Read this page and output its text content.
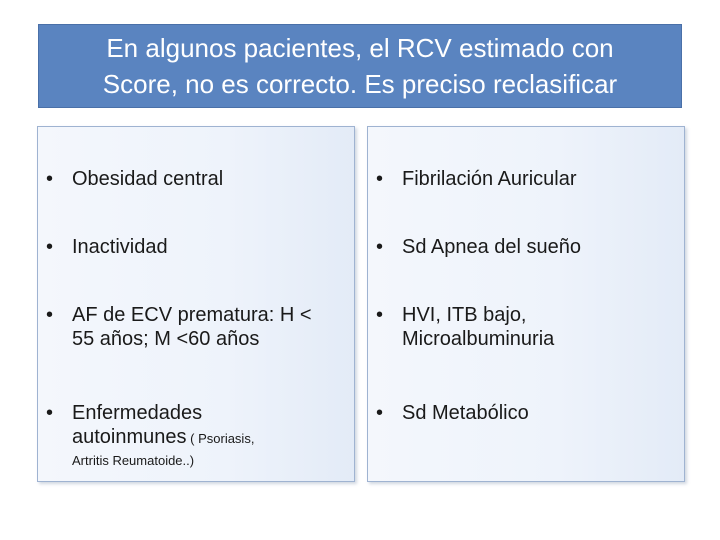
En algunos pacientes, el RCV estimado con
Score, no es correcto. Es preciso reclasificar
• Obesidad central
• Inactividad
• AF de ECV prematura: H <
55 años; M <60 años
• Enfermedades
autoinmunes ( Psoriasis,
Artritis Reumatoide..)
• Fibrilación Auricular
• Sd Apnea del sueño
• HVI, ITB bajo,
Microalbuminuria
• Sd Metabólico
